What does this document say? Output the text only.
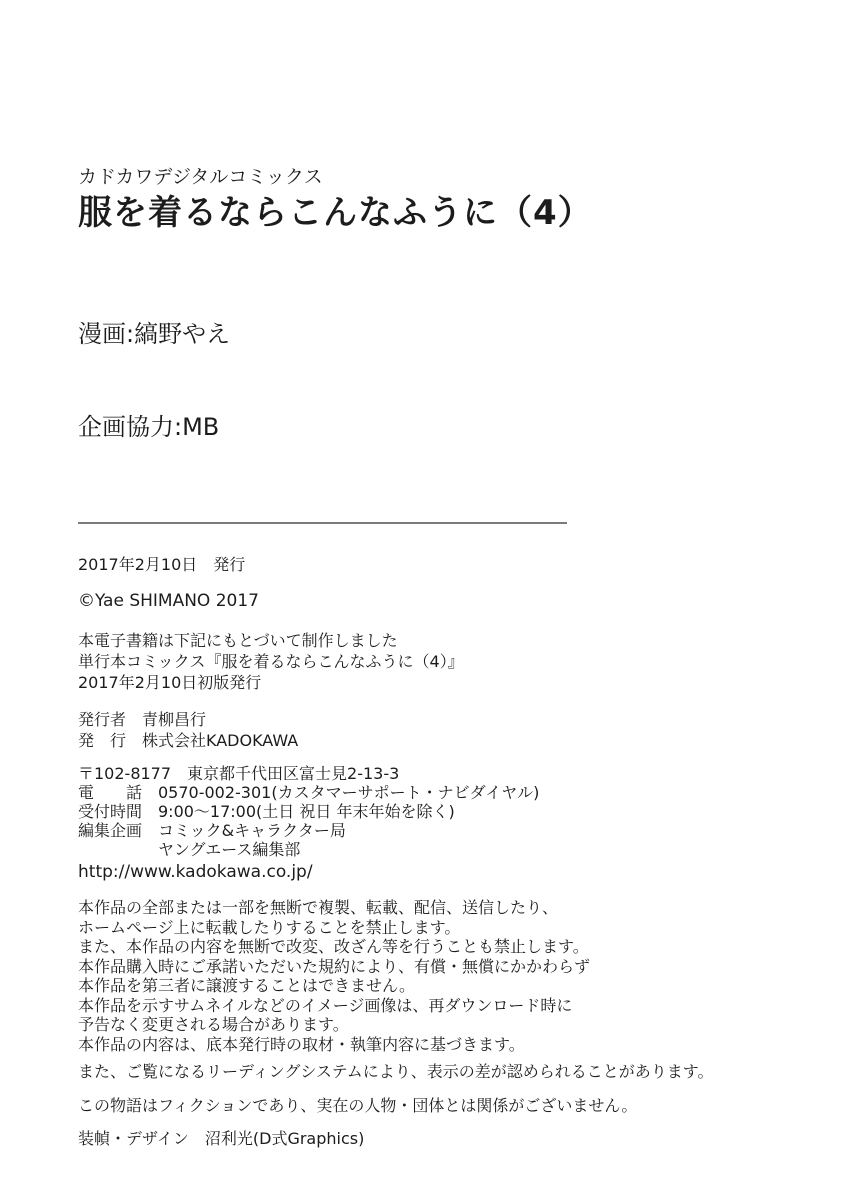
カドカワデジタルコミックス
服を着るならこんなふうに（4）

漫画:縞野やえ

企画協力:MB

2017年2月10日　発行
©Yae SHIMANO 2017
本電子書籍は下記にもとづいて制作しました
単行本コミックス『服を着るならこんなふうに（4）』
2017年2月10日初版発行
発行者　青柳昌行
発　行　株式会社KADOKAWA
〒102-8177　東京都千代田区富士見2-13-3
電　　話　0570-002-301(カスタマーサポート・ナビダイヤル)
受付時間　9:00～17:00(土日 祝日 年末年始を除く)
編集企画　コミック&キャラクター局
　　　　　ヤングエース編集部
http://www.kadokawa.co.jp/
本作品の全部または一部を無断で複製、転載、配信、送信したり、
ホームページ上に転載したりすることを禁止します。
また、本作品の内容を無断で改変、改ざん等を行うことも禁止します。
本作品購入時にご承諾いただいた規約により、有償・無償にかかわらず
本作品を第三者に譲渡することはできません。
本作品を示すサムネイルなどのイメージ画像は、再ダウンロード時に
予告なく変更される場合があります。
本作品の内容は、底本発行時の取材・執筆内容に基づきます。
また、ご覧になるリーディングシステムにより、表示の差が認められることがあります。
この物語はフィクションであり、実在の人物・団体とは関係がございません。
装幀・デザイン　沼利光(D式Graphics)
